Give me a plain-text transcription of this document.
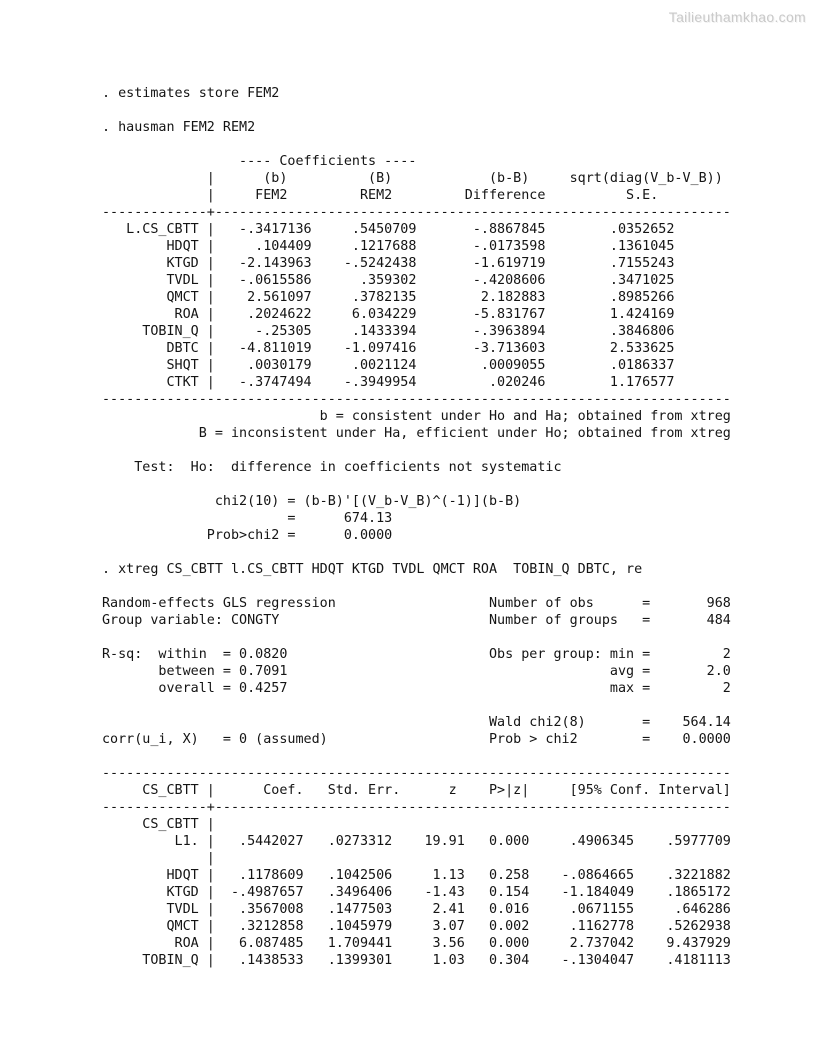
Tailieuthamkhao.com
. estimates store FEM2

. hausman FEM2 REM2

---- Coefficients ----
|      (b)          (B)            (b-B)     sqrt(diag(V_b-V_B))
|     FEM2         REM2         Difference          S.E.
-------------+----------------------------------------------------------------
L.CS_CBTT |   -.3417136     .5450709       -.8867845        .0352652
HDQT |     .104409     .1217688       -.0173598        .1361045
KTGD |   -2.143963    -.5242438       -1.619719        .7155243
TVDL |   -.0615586      .359302       -.4208606        .3471025
QMCT |    2.561097     .3782135        2.182883        .8985266
ROA |    .2024622     6.034229       -5.831767        1.424169
TOBIN_Q |     -.25305     .1433394       -.3963894        .3846806
DBTC |   -4.811019    -1.097416       -3.713603        2.533625
SHQT |    .0030179     .0021124        .0009055        .0186337
CTKT |   -.3747494    -.3949954         .020246        1.176577
------------------------------------------------------------------------------
b = consistent under Ho and Ha; obtained from xtreg
B = inconsistent under Ha, efficient under Ho; obtained from xtreg

Test:  Ho:  difference in coefficients not systematic

chi2(10) = (b-B)'[(V_b-V_B)^(-1)](b-B)
=      674.13
Prob>chi2 =      0.0000

. xtreg CS_CBTT l.CS_CBTT HDQT KTGD TVDL QMCT ROA  TOBIN_Q DBTC, re

Random-effects GLS regression                   Number of obs      =       968
Group variable: CONGTY                          Number of groups   =       484

R-sq:  within  = 0.0820                         Obs per group: min =         2
between = 0.7091                                        avg =       2.0
overall = 0.4257                                        max =         2

Wald chi2(8)       =    564.14
corr(u_i, X)   = 0 (assumed)                    Prob > chi2        =    0.0000

------------------------------------------------------------------------------
CS_CBTT |      Coef.   Std. Err.      z    P>|z|     [95% Conf. Interval]
-------------+----------------------------------------------------------------
CS_CBTT |
L1. |   .5442027   .0273312    19.91   0.000     .4906345    .5977709
|
HDQT |   .1178609   .1042506     1.13   0.258    -.0864665    .3221882
KTGD |  -.4987657   .3496406    -1.43   0.154    -1.184049    .1865172
TVDL |   .3567008   .1477503     2.41   0.016     .0671155     .646286
QMCT |   .3212858   .1045979     3.07   0.002     .1162778    .5262938
ROA |   6.087485   1.709441     3.56   0.000     2.737042    9.437929
TOBIN_Q |   .1438533   .1399301     1.03   0.304    -.1304047    .4181113
